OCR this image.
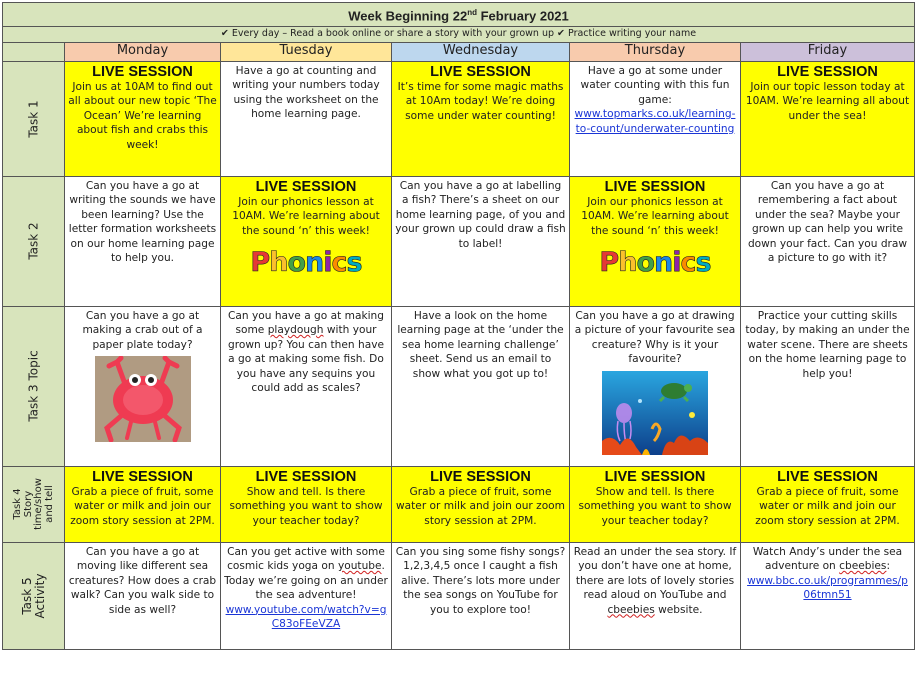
Week Beginning 22nd February 2021					
✔ Every day – Read a book online or share a story with your grown up ✔ Practice writing your name					
	Monday	Tuesday	Wednesday	Thursday	Friday

Task 1	LIVE SESSION
Join us at 10AM to find out all about our new topic ‘The Ocean’ We’re learning about fish and crabs this week!	Have a go at counting and writing your numbers today using the worksheet on the home learning page.	LIVE SESSION
It’s time for some magic maths at 10Am today! We’re doing some under water counting!	Have a go at some under water counting with this fun game:
www.topmarks.co.uk/learning-to-count/underwater-counting	LIVE SESSION
Join our topic lesson today at 10AM. We’re learning all about under the sea!

Task 2	Can you have a go at writing the sounds we have been learning? Use the letter formation worksheets on our home learning page to help you.	LIVE SESSION
Join our phonics lesson at 10AM. We’re learning about the sound ‘n’ this week!
Phonics	Can you have a go at labelling a fish? There’s a sheet on our home learning page, of you and your grown up could draw a fish to label!	LIVE SESSION
Join our phonics lesson at 10AM. We’re learning about the sound ‘n’ this week!
Phonics	Can you have a go at remembering a fact about under the sea? Maybe your grown up can help you write down your fact. Can you draw a picture to go with it?

Task 3 Topic	Can you have a go at making a crab out of a paper plate today?	Can you have a go at making some playdough with your grown up? You can then have a go at making some fish. Do you have any sequins you could add as scales?	Have a look on the home learning page at the ‘under the sea home learning challenge’ sheet. Send us an email to show what you got up to!	Can you have a go at drawing a picture of your favourite sea creature? Why is it your favourite?	Practice your cutting skills today, by making an under the water scene. There are sheets on the home learning page to help you!

Task 4
Story
time/show
and tell	LIVE SESSION
Grab a piece of fruit, some water or milk and join our zoom story session at 2PM.	LIVE SESSION
Show and tell. Is there something you want to show your teacher today?	LIVE SESSION
Grab a piece of fruit, some water or milk and join our zoom story session at 2PM.	LIVE SESSION
Show and tell. Is there something you want to show your teacher today?	LIVE SESSION
Grab a piece of fruit, some water or milk and join our zoom story session at 2PM.

Task 5
Activity	Can you have a go at moving like different sea creatures? How does a crab walk? Can you walk side to side as well?	Can you get active with some cosmic kids yoga on youtube. Today we’re going on an under the sea adventure!
www.youtube.com/watch?v=gC83oFEeVZA	Can you sing some fishy songs? 1,2,3,4,5 once I caught a fish alive. There’s lots more under the sea songs on YouTube for you to explore too!	Read an under the sea story. If you don’t have one at home, there are lots of lovely stories read aloud on YouTube and cbeebies website.	Watch Andy’s under the sea adventure on cbeebies:
www.bbc.co.uk/programmes/p06tmn51
